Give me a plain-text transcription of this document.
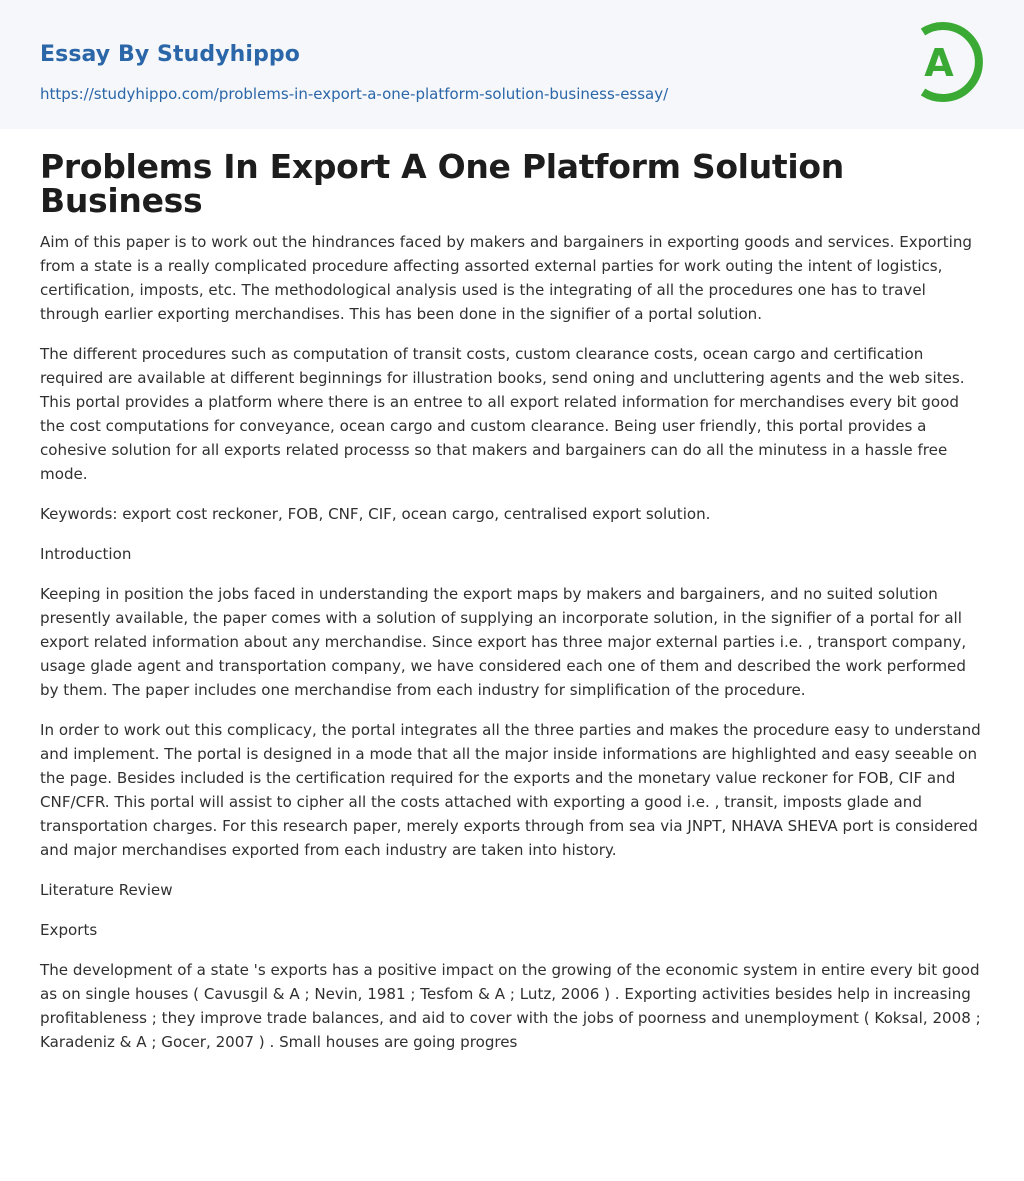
Essay By Studyhippo
https://studyhippo.com/problems-in-export-a-one-platform-solution-business-essay/
A
Problems In Export A One Platform Solution Business

Aim of this paper is to work out the hindrances faced by makers and bargainers in exporting goods and services. Exporting from a state is a really complicated procedure affecting assorted external parties for work outing the intent of logistics, certification, imposts, etc. The methodological analysis used is the integrating of all the procedures one has to travel through earlier exporting merchandises. This has been done in the signifier of a portal solution.

The different procedures such as computation of transit costs, custom clearance costs, ocean cargo and certification required are available at different beginnings for illustration books, send oning and uncluttering agents and the web sites. This portal provides a platform where there is an entree to all export related information for merchandises every bit good the cost computations for conveyance, ocean cargo and custom clearance. Being user friendly, this portal provides a cohesive solution for all exports related processs so that makers and bargainers can do all the minutess in a hassle free mode.

Keywords: export cost reckoner, FOB, CNF, CIF, ocean cargo, centralised export solution.

Introduction

Keeping in position the jobs faced in understanding the export maps by makers and bargainers, and no suited solution presently available, the paper comes with a solution of supplying an incorporate solution, in the signifier of a portal for all export related information about any merchandise. Since export has three major external parties i.e. , transport company, usage glade agent and transportation company, we have considered each one of them and described the work performed by them. The paper includes one merchandise from each industry for simplification of the procedure.

In order to work out this complicacy, the portal integrates all the three parties and makes the procedure easy to understand and implement. The portal is designed in a mode that all the major inside informations are highlighted and easy seeable on the page. Besides included is the certification required for the exports and the monetary value reckoner for FOB, CIF and CNF/CFR. This portal will assist to cipher all the costs attached with exporting a good i.e. , transit, imposts glade and transportation charges. For this research paper, merely exports through from sea via JNPT, NHAVA SHEVA port is considered and major merchandises exported from each industry are taken into history.

Literature Review

Exports

The development of a state 's exports has a positive impact on the growing of the economic system in entire every bit good as on single houses ( Cavusgil & A ; Nevin, 1981 ; Tesfom & A ; Lutz, 2006 ) . Exporting activities besides help in increasing profitableness ; they improve trade balances, and aid to cover with the jobs of poorness and unemployment ( Koksal, 2008 ; Karadeniz & A ; Gocer, 2007 ) . Small houses are going progres
